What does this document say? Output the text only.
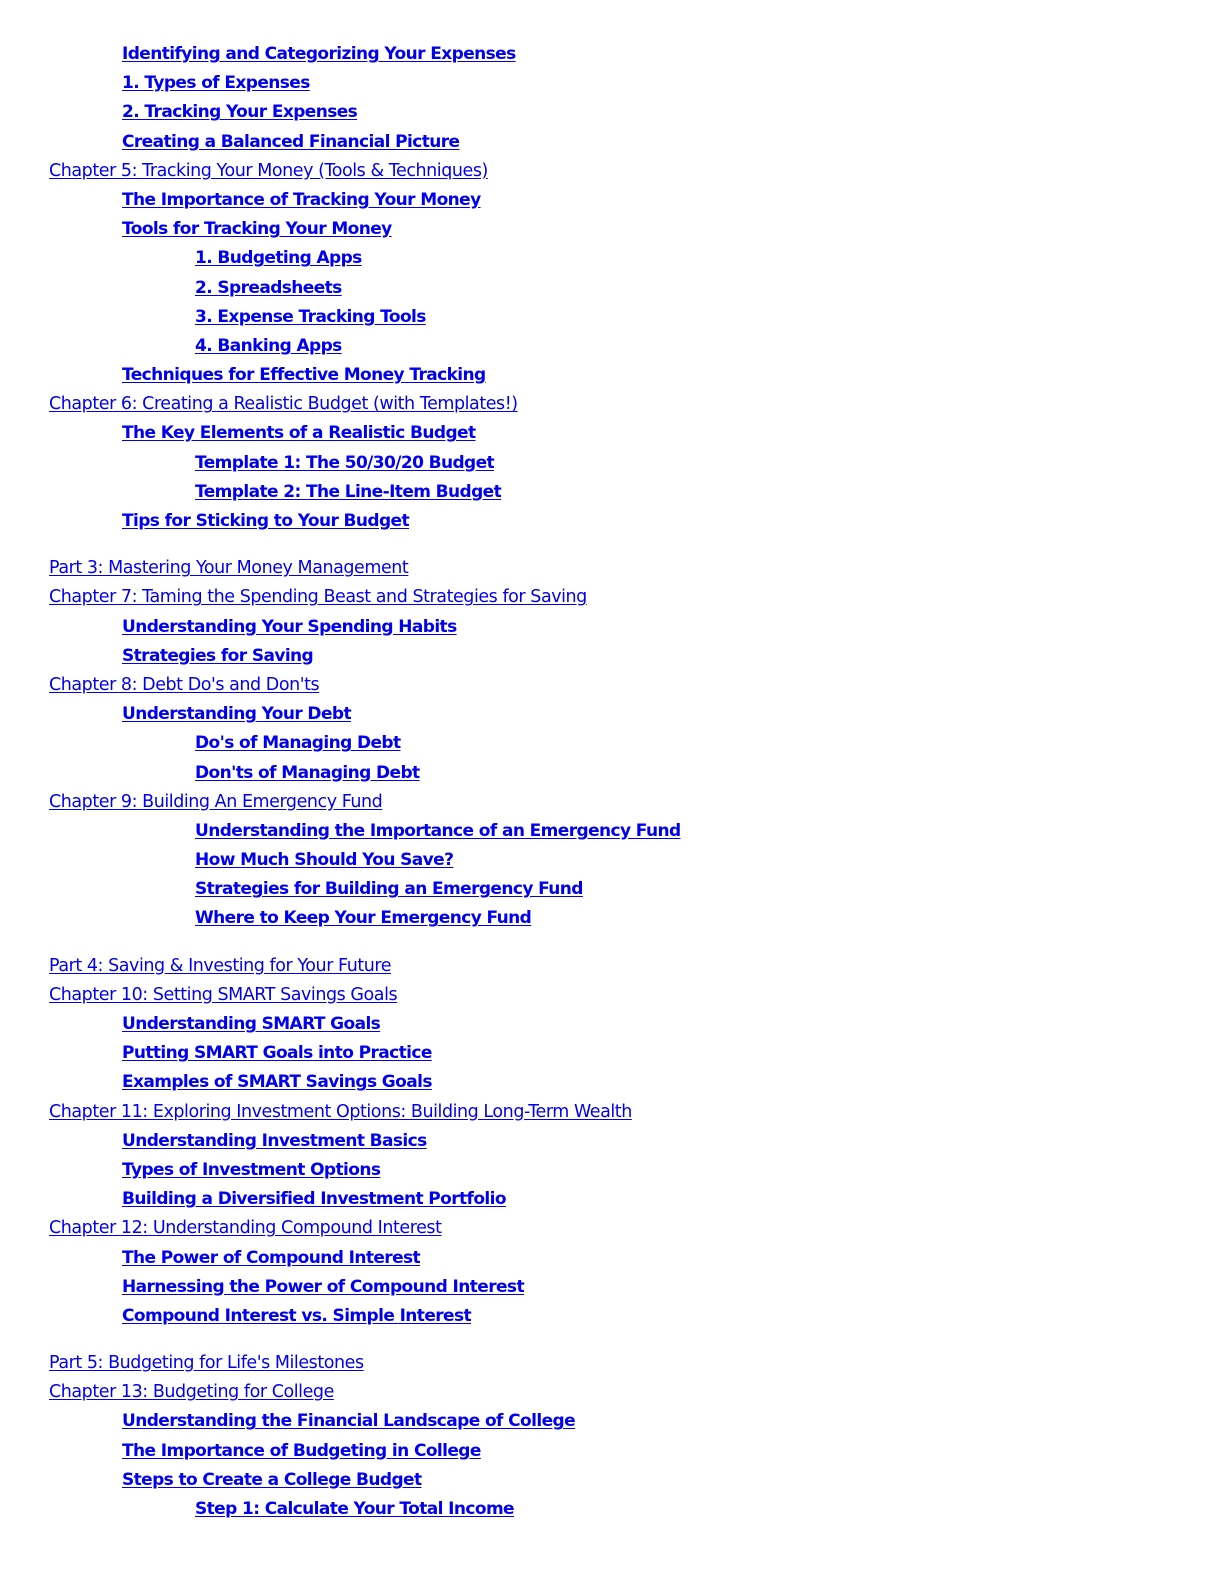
Identifying and Categorizing Your Expenses
1. Types of Expenses
2. Tracking Your Expenses
Creating a Balanced Financial Picture
Chapter 5: Tracking Your Money (Tools & Techniques)
The Importance of Tracking Your Money
Tools for Tracking Your Money
1. Budgeting Apps
2. Spreadsheets
3. Expense Tracking Tools
4. Banking Apps
Techniques for Effective Money Tracking
Chapter 6: Creating a Realistic Budget (with Templates!)
The Key Elements of a Realistic Budget
Template 1: The 50/30/20 Budget
Template 2: The Line-Item Budget
Tips for Sticking to Your Budget
Part 3: Mastering Your Money Management
Chapter 7: Taming the Spending Beast and Strategies for Saving
Understanding Your Spending Habits
Strategies for Saving
Chapter 8: Debt Do's and Don'ts
Understanding Your Debt
Do's of Managing Debt
Don'ts of Managing Debt
Chapter 9: Building An Emergency Fund
Understanding the Importance of an Emergency Fund
How Much Should You Save?
Strategies for Building an Emergency Fund
Where to Keep Your Emergency Fund
Part 4: Saving & Investing for Your Future
Chapter 10: Setting SMART Savings Goals
Understanding SMART Goals
Putting SMART Goals into Practice
Examples of SMART Savings Goals
Chapter 11: Exploring Investment Options: Building Long-Term Wealth
Understanding Investment Basics
Types of Investment Options
Building a Diversified Investment Portfolio
Chapter 12: Understanding Compound Interest
The Power of Compound Interest
Harnessing the Power of Compound Interest
Compound Interest vs. Simple Interest
Part 5: Budgeting for Life's Milestones
Chapter 13: Budgeting for College
Understanding the Financial Landscape of College
The Importance of Budgeting in College
Steps to Create a College Budget
Step 1: Calculate Your Total Income
